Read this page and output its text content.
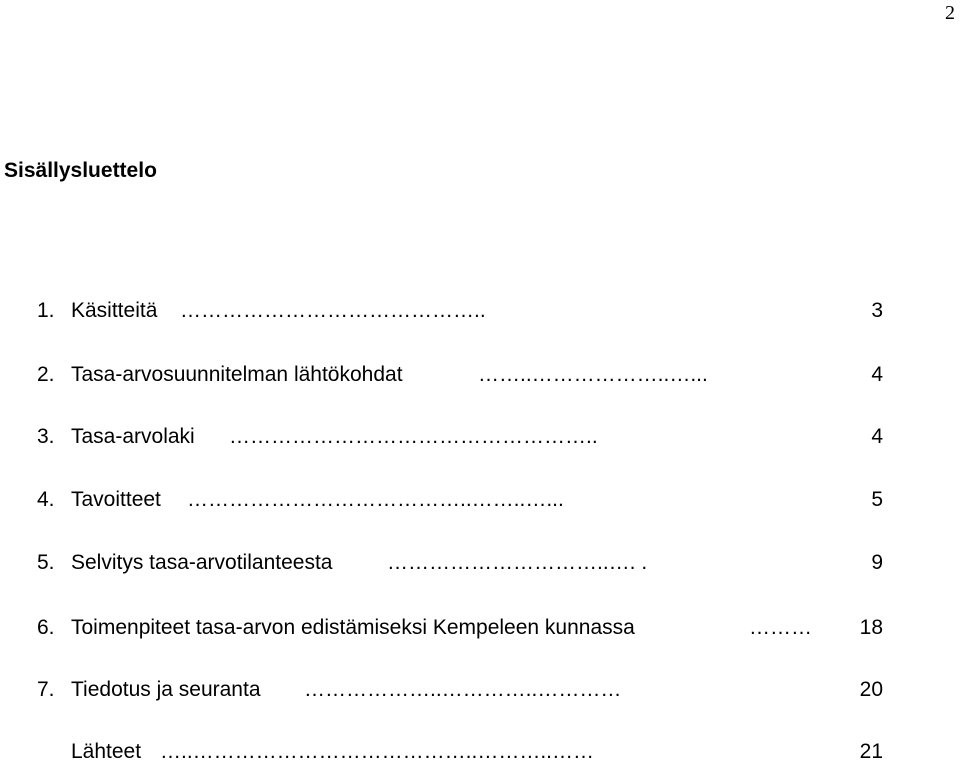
2
Sisällysluettelo
1. Käsitteitä ……………………………………..	3
2. Tasa-arvosuunnitelman lähtökohdat	……..………………..…...	4
3. Tasa-arvolaki ……………………………………………..	4
4. Tavoitteet …………………………………..……..…...	5
5. Selvitys tasa-arvotilanteesta	…………………………..…. .	9
6. Toimenpiteet tasa-arvon edistämiseksi Kempeleen kunnassa	………	18
7. Tiedotus ja seuranta ………………..…………..…………	20
Lähteet …..…………………………………..………..……	21
